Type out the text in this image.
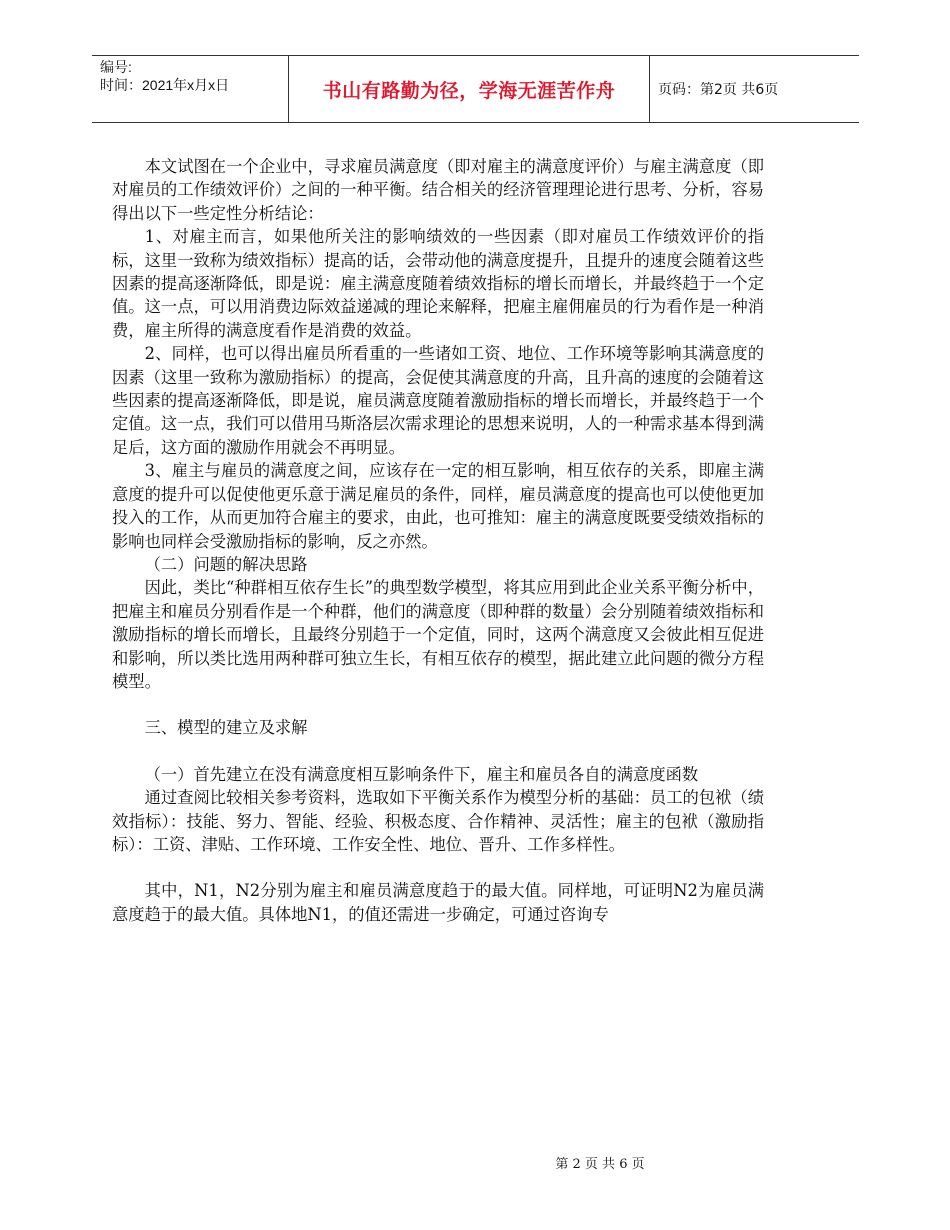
编号:
时间：2021年x月x日	书山有路勤为径，学海无涯苦作舟	页码：第2页 共6页

本文试图在一个企业中，寻求雇员满意度（即对雇主的满意度评价）与雇主满意度（即对雇员的工作绩效评价）之间的一种平衡。结合相关的经济管理理论进行思考、分析，容易得出以下一些定性分析结论：

1、对雇主而言，如果他所关注的影响绩效的一些因素（即对雇员工作绩效评价的指标，这里一致称为绩效指标）提高的话，会带动他的满意度提升，且提升的速度会随着这些因素的提高逐渐降低，即是说：雇主满意度随着绩效指标的增长而增长，并最终趋于一个定值。这一点，可以用消费边际效益递减的理论来解释，把雇主雇佣雇员的行为看作是一种消费，雇主所得的满意度看作是消费的效益。

2、同样，也可以得出雇员所看重的一些诸如工资、地位、工作环境等影响其满意度的因素（这里一致称为激励指标）的提高，会促使其满意度的升高，且升高的速度的会随着这些因素的提高逐渐降低，即是说，雇员满意度随着激励指标的增长而增长，并最终趋于一个定值。这一点，我们可以借用马斯洛层次需求理论的思想来说明，人的一种需求基本得到满足后，这方面的激励作用就会不再明显。

3、雇主与雇员的满意度之间，应该存在一定的相互影响，相互依存的关系，即雇主满意度的提升可以促使他更乐意于满足雇员的条件，同样，雇员满意度的提高也可以使他更加投入的工作，从而更加符合雇主的要求，由此，也可推知：雇主的满意度既要受绩效指标的影响也同样会受激励指标的影响，反之亦然。

（二）问题的解决思路

因此，类比“种群相互依存生长”的典型数学模型，将其应用到此企业关系平衡分析中，把雇主和雇员分别看作是一个种群，他们的满意度（即种群的数量）会分别随着绩效指标和激励指标的增长而增长，且最终分别趋于一个定值，同时，这两个满意度又会彼此相互促进和影响，所以类比选用两种群可独立生长，有相互依存的模型，据此建立此问题的微分方程模型。

三、模型的建立及求解

（一）首先建立在没有满意度相互影响条件下，雇主和雇员各自的满意度函数

通过查阅比较相关参考资料，选取如下平衡关系作为模型分析的基础：员工的包袱（绩效指标）：技能、努力、智能、经验、积极态度、合作精神、灵活性；雇主的包袱（激励指标）：工资、津贴、工作环境、工作安全性、地位、晋升、工作多样性。

其中，N1，N2分别为雇主和雇员满意度趋于的最大值。同样地，可证明N2为雇员满意度趋于的最大值。具体地N1，的值还需进一步确定，可通过咨询专

第 2 页 共 6 页
